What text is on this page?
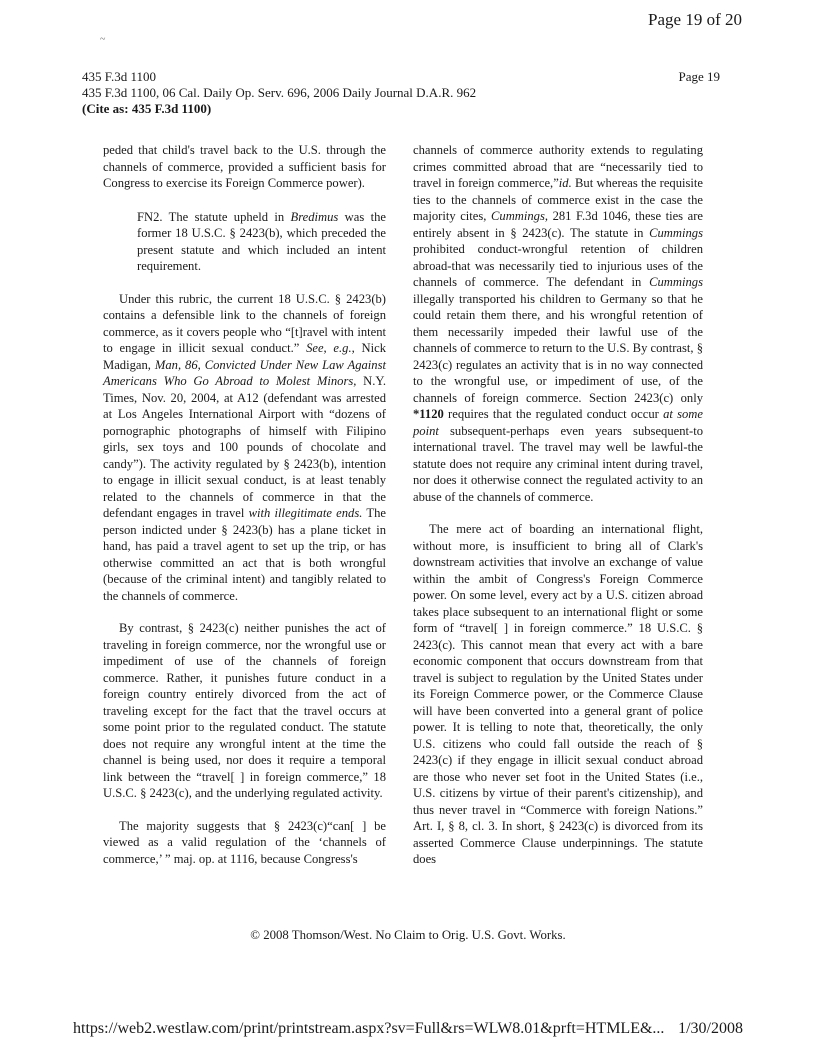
Page 19 of 20
~
435 F.3d 1100
435 F.3d 1100, 06 Cal. Daily Op. Serv. 696, 2006 Daily Journal D.A.R. 962
(Cite as: 435 F.3d 1100)
Page 19

peded that child's travel back to the U.S. through the channels of commerce, provided a sufficient basis for Congress to exercise its Foreign Commerce power).

FN2. The statute upheld in Bredimus was the former 18 U.S.C. § 2423(b), which preceded the present statute and which included an intent requirement.

Under this rubric, the current 18 U.S.C. § 2423(b) contains a defensible link to the channels of foreign commerce, as it covers people who “[t]ravel with intent to engage in illicit sexual conduct.” See, e.g., Nick Madigan, Man, 86, Convicted Under New Law Against Americans Who Go Abroad to Molest Minors, N.Y. Times, Nov. 20, 2004, at A12 (defendant was arrested at Los Angeles International Airport with “dozens of pornographic photographs of himself with Filipino girls, sex toys and 100 pounds of chocolate and candy”). The activity regulated by § 2423(b), intention to engage in illicit sexual conduct, is at least tenably related to the channels of commerce in that the defendant engages in travel with illegitimate ends. The person indicted under § 2423(b) has a plane ticket in hand, has paid a travel agent to set up the trip, or has otherwise committed an act that is both wrongful (because of the criminal intent) and tangibly related to the channels of commerce.

By contrast, § 2423(c) neither punishes the act of traveling in foreign commerce, nor the wrongful use or impediment of use of the channels of foreign commerce. Rather, it punishes future conduct in a foreign country entirely divorced from the act of traveling except for the fact that the travel occurs at some point prior to the regulated conduct. The statute does not require any wrongful intent at the time the channel is being used, nor does it require a temporal link between the “travel[ ] in foreign commerce,” 18 U.S.C. § 2423(c), and the underlying regulated activity.

The majority suggests that § 2423(c)“can[ ] be viewed as a valid regulation of the ‘channels of commerce,’ ” maj. op. at 1116, because Congress's

channels of commerce authority extends to regulating crimes committed abroad that are “necessarily tied to travel in foreign commerce,”id. But whereas the requisite ties to the channels of commerce exist in the case the majority cites, Cummings, 281 F.3d 1046, these ties are entirely absent in § 2423(c). The statute in Cummings prohibited conduct-wrongful retention of children abroad-that was necessarily tied to injurious uses of the channels of commerce. The defendant in Cummings illegally transported his children to Germany so that he could retain them there, and his wrongful retention of them necessarily impeded their lawful use of the channels of commerce to return to the U.S. By contrast, § 2423(c) regulates an activity that is in no way connected to the wrongful use, or impediment of use, of the channels of foreign commerce. Section 2423(c) only *1120 requires that the regulated conduct occur at some point subsequent-perhaps even years subsequent-to international travel. The travel may well be lawful-the statute does not require any criminal intent during travel, nor does it otherwise connect the regulated activity to an abuse of the channels of commerce.

The mere act of boarding an international flight, without more, is insufficient to bring all of Clark's downstream activities that involve an exchange of value within the ambit of Congress's Foreign Commerce power. On some level, every act by a U.S. citizen abroad takes place subsequent to an international flight or some form of “travel[ ] in foreign commerce.” 18 U.S.C. § 2423(c). This cannot mean that every act with a bare economic component that occurs downstream from that travel is subject to regulation by the United States under its Foreign Commerce power, or the Commerce Clause will have been converted into a general grant of police power. It is telling to note that, theoretically, the only U.S. citizens who could fall outside the reach of § 2423(c) if they engage in illicit sexual conduct abroad are those who never set foot in the United States (i.e., U.S. citizens by virtue of their parent's citizenship), and thus never travel in “Commerce with foreign Nations.” Art. I, § 8, cl. 3. In short, § 2423(c) is divorced from its asserted Commerce Clause underpinnings. The statute does

© 2008 Thomson/West. No Claim to Orig. U.S. Govt. Works.
https://web2.westlaw.com/print/printstream.aspx?sv=Full&rs=WLW8.01&prft=HTMLE&... 1/30/2008
